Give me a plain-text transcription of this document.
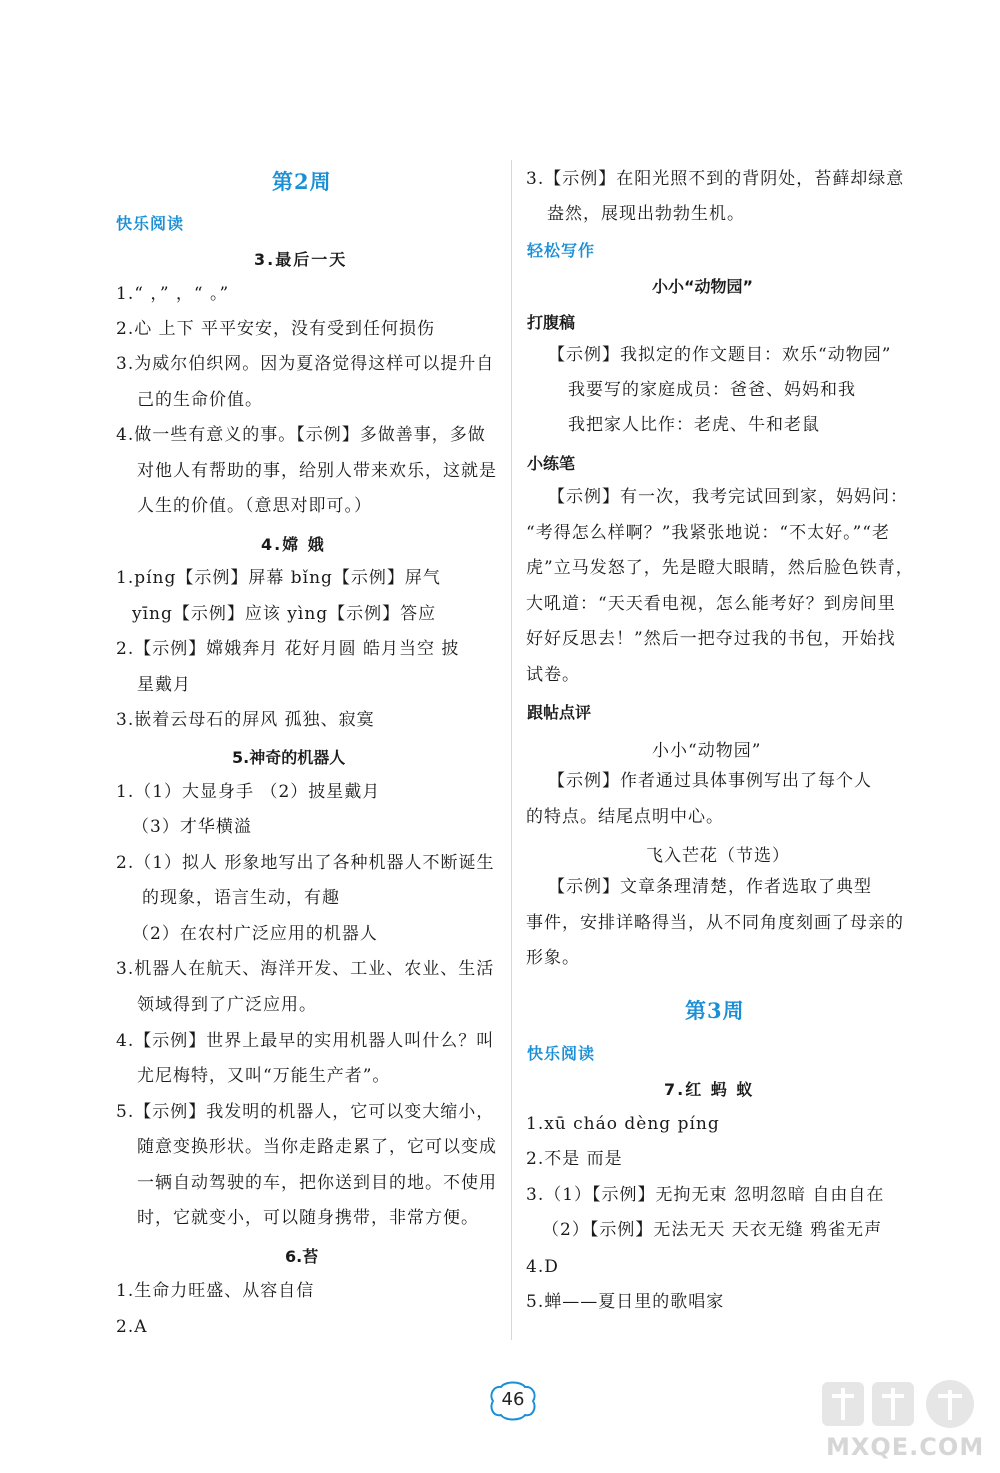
第2周
快乐阅读
3.最后一天
1.“ ，” ，“ 。”
2.心 上下 平平安安，没有受到任何损伤
3.为威尔伯织网。因为夏洛觉得这样可以提升自
己的生命价值。
4.做一些有意义的事。【示例】多做善事，多做
对他人有帮助的事，给别人带来欢乐，这就是
人生的价值。（意思对即可。）
4.嫦 娥
1.píng【示例】屏幕 bǐng【示例】屏气
yīng【示例】应该 yìng【示例】答应
2.【示例】嫦娥奔月 花好月圆 皓月当空 披
星戴月
3.嵌着云母石的屏风 孤独、寂寞
5.神奇的机器人
1.（1）大显身手 （2）披星戴月
（3）才华横溢
2.（1）拟人 形象地写出了各种机器人不断诞生
的现象，语言生动，有趣
（2）在农村广泛应用的机器人
3.机器人在航天、海洋开发、工业、农业、生活
领域得到了广泛应用。
4.【示例】世界上最早的实用机器人叫什么？叫
尤尼梅特，又叫“万能生产者”。
5.【示例】我发明的机器人，它可以变大缩小，
随意变换形状。当你走路走累了，它可以变成
一辆自动驾驶的车，把你送到目的地。不使用
时，它就变小，可以随身携带，非常方便。
6.苔
1.生命力旺盛、从容自信
2.A
3.【示例】在阳光照不到的背阴处，苔藓却绿意
盎然，展现出勃勃生机。
轻松写作
小小“动物园”
打腹稿
【示例】我拟定的作文题目：欢乐“动物园”
我要写的家庭成员：爸爸、妈妈和我
我把家人比作：老虎、牛和老鼠
小练笔
【示例】有一次，我考完试回到家，妈妈问：
“考得怎么样啊？”我紧张地说：“不太好。”“老
虎”立马发怒了，先是瞪大眼睛，然后脸色铁青，
大吼道：“天天看电视，怎么能考好？到房间里
好好反思去！”然后一把夺过我的书包，开始找
试卷。
跟帖点评
小小“动物园”
【示例】作者通过具体事例写出了每个人
的特点。结尾点明中心。
飞入芒花（节选）
【示例】文章条理清楚，作者选取了典型
事件，安排详略得当，从不同角度刻画了母亲的
形象。
第3周
快乐阅读
7.红 蚂 蚁
1.xū cháo dèng píng
2.不是 而是
3.（1）【示例】无拘无束 忽明忽暗 自由自在
（2）【示例】无法无天 天衣无缝 鸦雀无声
4.D
5.蝉——夏日里的歌唱家
46
MXQE.COM
